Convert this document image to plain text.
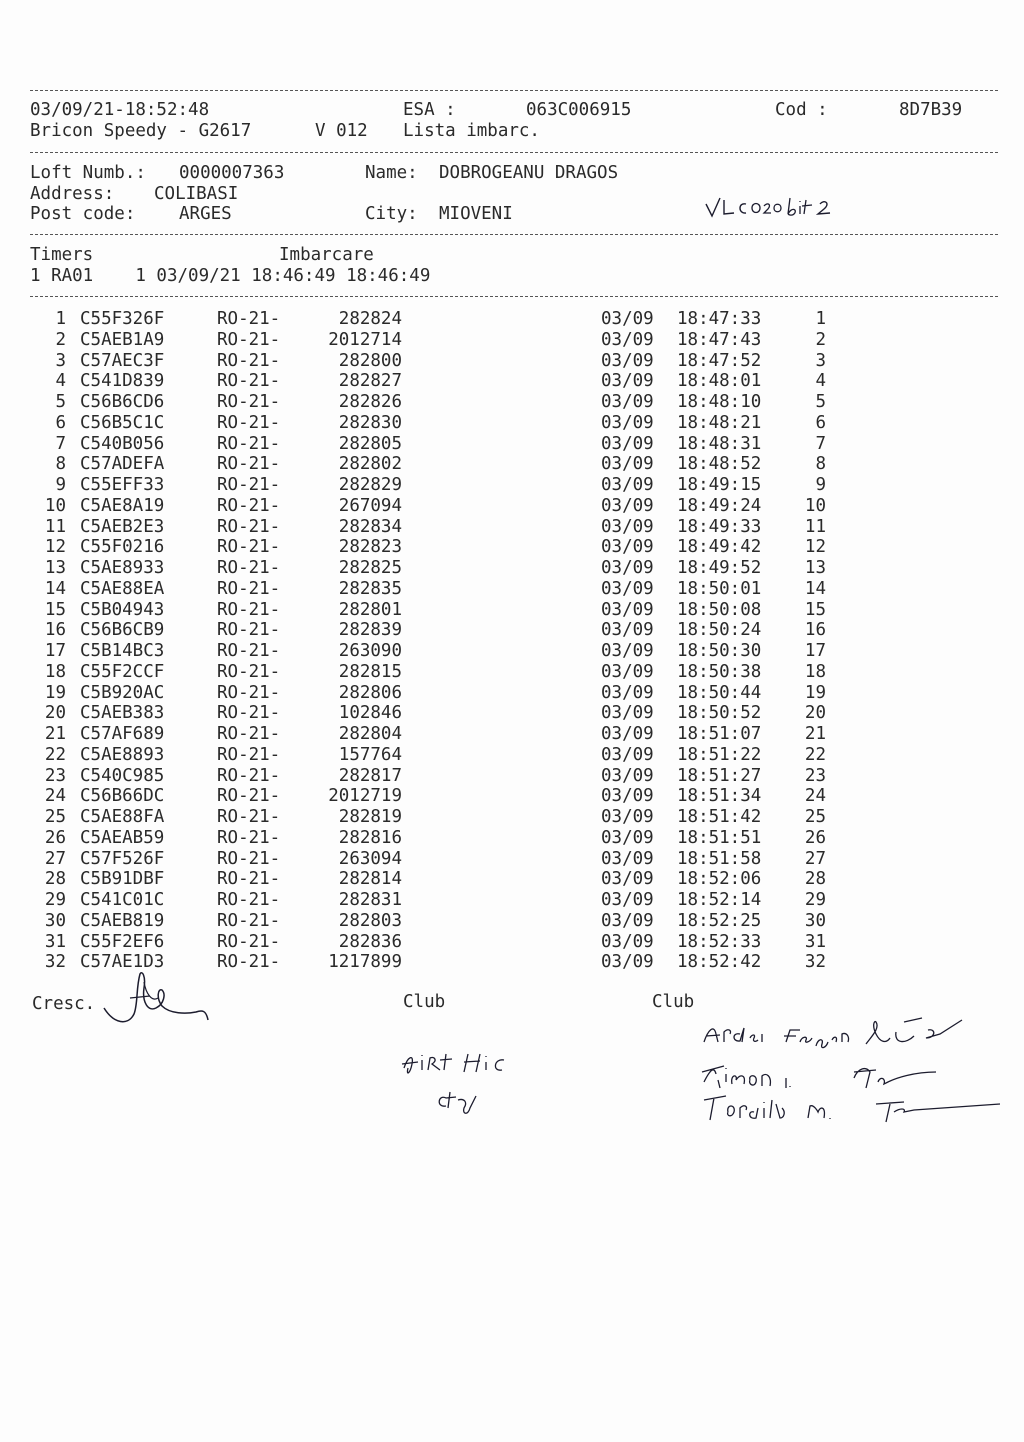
03/09/21-18:52:48	ESA :	063C006915	Cod :	8D7B39
Bricon Speedy - G2617	V 012 Lista imbarc.
Loft Numb.: 0000007363	Name: DOBROGEANU DRAGOS
Address: COLIBASI
Post code: ARGES	City: MIOVENI
Timers	Imbarcare
1 RA01    1 03/09/21 18:46:49 18:46:49
1 C55F326F	RO-21-	282824	03/09	18:47:33	1
2 C5AEB1A9	RO-21-	2012714	03/09	18:47:43	2
3 C57AEC3F	RO-21-	282800	03/09	18:47:52	3
4 C541D839	RO-21-	282827	03/09	18:48:01	4
5 C56B6CD6	RO-21-	282826	03/09	18:48:10	5
6 C56B5C1C	RO-21-	282830	03/09	18:48:21	6
7 C540B056	RO-21-	282805	03/09	18:48:31	7
8 C57ADEFA	RO-21-	282802	03/09	18:48:52	8
9 C55EFF33	RO-21-	282829	03/09	18:49:15	9
10 C5AE8A19	RO-21-	267094	03/09	18:49:24	10
11 C5AEB2E3	RO-21-	282834	03/09	18:49:33	11
12 C55F0216	RO-21-	282823	03/09	18:49:42	12
13 C5AE8933	RO-21-	282825	03/09	18:49:52	13
14 C5AE88EA	RO-21-	282835	03/09	18:50:01	14
15 C5B04943	RO-21-	282801	03/09	18:50:08	15
16 C56B6CB9	RO-21-	282839	03/09	18:50:24	16
17 C5B14BC3	RO-21-	263090	03/09	18:50:30	17
18 C55F2CCF	RO-21-	282815	03/09	18:50:38	18
19 C5B920AC	RO-21-	282806	03/09	18:50:44	19
20 C5AEB383	RO-21-	102846	03/09	18:50:52	20
21 C57AF689	RO-21-	282804	03/09	18:51:07	21
22 C5AE8893	RO-21-	157764	03/09	18:51:22	22
23 C540C985	RO-21-	282817	03/09	18:51:27	23
24 C56B66DC	RO-21-	2012719	03/09	18:51:34	24
25 C5AE88FA	RO-21-	282819	03/09	18:51:42	25
26 C5AEAB59	RO-21-	282816	03/09	18:51:51	26
27 C57F526F	RO-21-	263094	03/09	18:51:58	27
28 C5B91DBF	RO-21-	282814	03/09	18:52:06	28
29 C541C01C	RO-21-	282831	03/09	18:52:14	29
30 C5AEB819	RO-21-	282803	03/09	18:52:25	30
31 C55F2EF6	RO-21-	282836	03/09	18:52:33	31
32 C57AE1D3	RO-21-	1217899	03/09	18:52:42	32
Cresc.	Club	Club
